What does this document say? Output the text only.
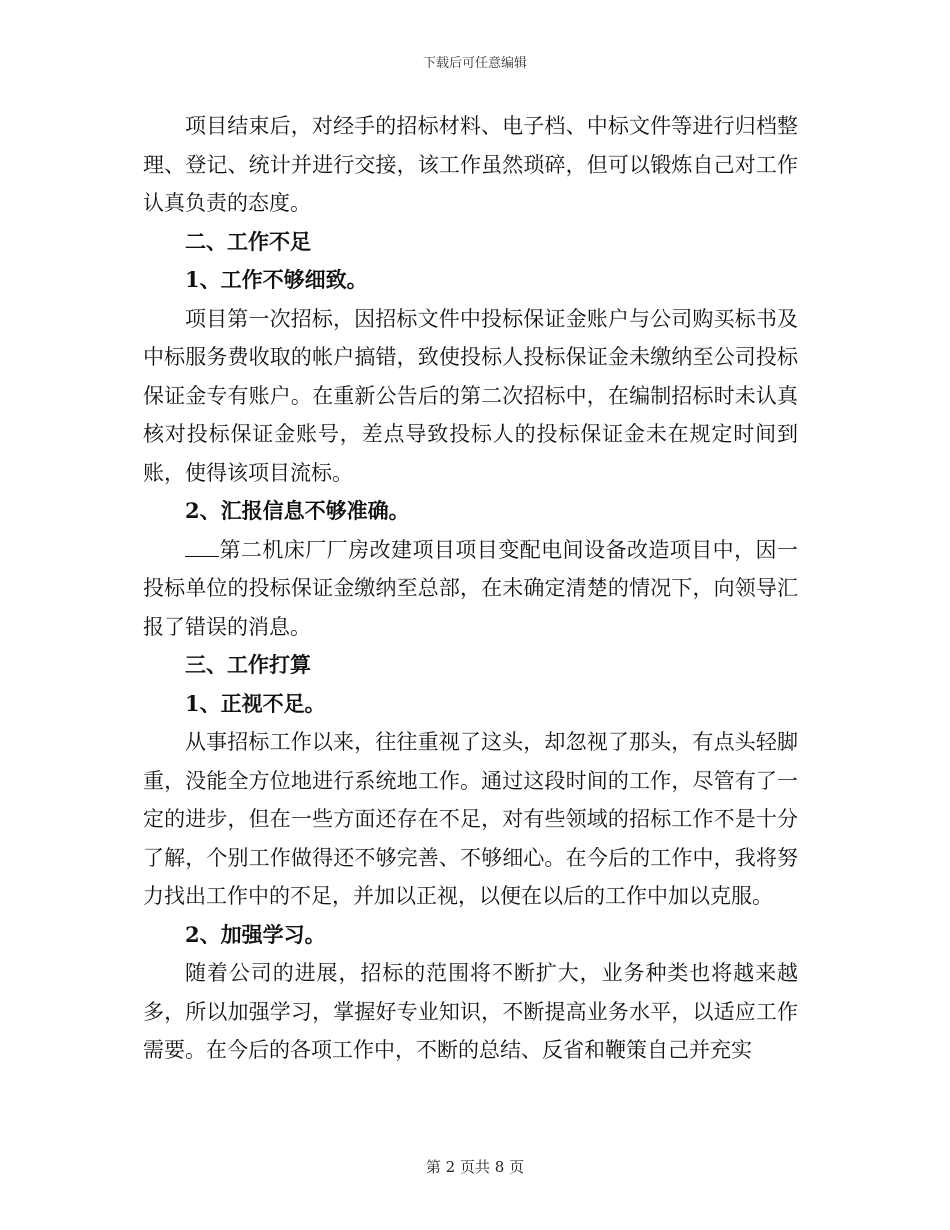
下载后可任意编辑

项目结束后，对经手的招标材料、电子档、中标文件等进行归档整理、登记、统计并进行交接，该工作虽然琐碎，但可以锻炼自己对工作认真负责的态度。

二、工作不足

1、工作不够细致。

项目第一次招标，因招标文件中投标保证金账户与公司购买标书及中标服务费收取的帐户搞错，致使投标人投标保证金未缴纳至公司投标保证金专有账户。在重新公告后的第二次招标中，在编制招标时未认真核对投标保证金账号，差点导致投标人的投标保证金未在规定时间到账，使得该项目流标。

2、汇报信息不够准确。

第二机床厂厂房改建项目项目变配电间设备改造项目中，因一投标单位的投标保证金缴纳至总部，在未确定清楚的情况下，向领导汇报了错误的消息。

三、工作打算

1、正视不足。

从事招标工作以来，往往重视了这头，却忽视了那头，有点头轻脚重，没能全方位地进行系统地工作。通过这段时间的工作，尽管有了一定的进步，但在一些方面还存在不足，对有些领域的招标工作不是十分了解，个别工作做得还不够完善、不够细心。在今后的工作中，我将努力找出工作中的不足，并加以正视，以便在以后的工作中加以克服。

2、加强学习。

随着公司的进展，招标的范围将不断扩大，业务种类也将越来越多，所以加强学习，掌握好专业知识，不断提高业务水平，以适应工作需要。在今后的各项工作中，不断的总结、反省和鞭策自己并充实

第 2 页共 8 页
